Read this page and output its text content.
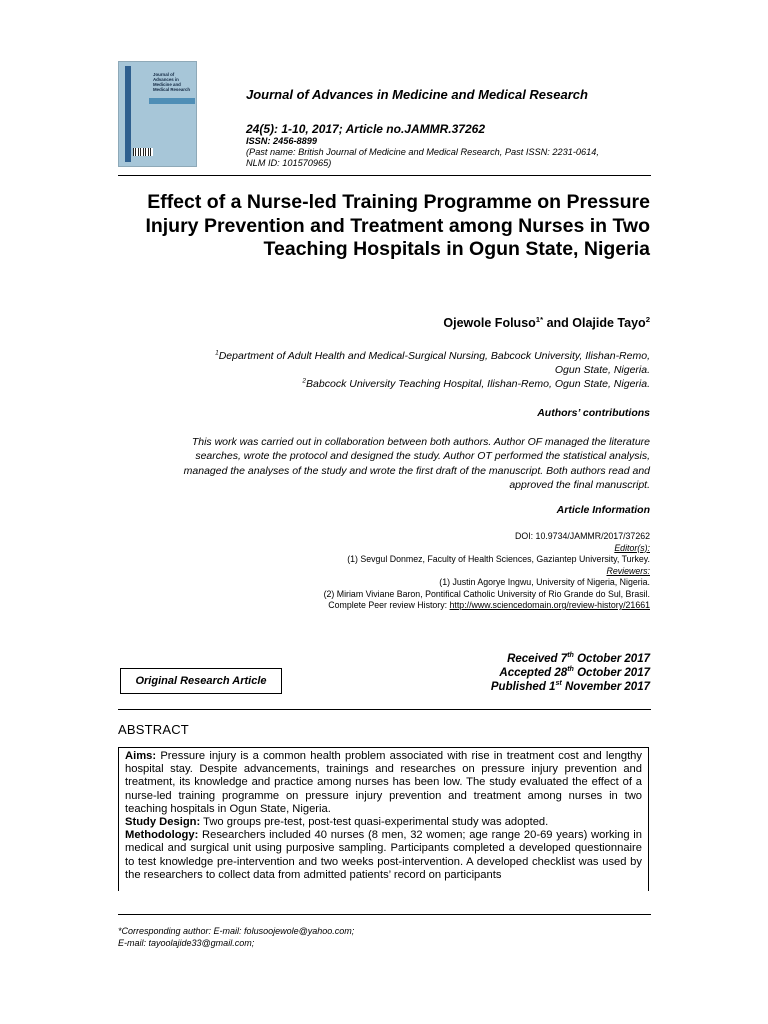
Journal of Advances in Medicine and Medical Research	Journal of Advances in Medicine and Medical Research
24(5): 1-10, 2017; Article no.JAMMR.37262
ISSN: 2456-8899
(Past name: British Journal of Medicine and Medical Research, Past ISSN: 2231-0614,
NLM ID: 101570965)
Effect of a Nurse-led Training Programme on Pressure Injury Prevention and Treatment among Nurses in Two Teaching Hospitals in Ogun State, Nigeria
Ojewole Foluso$^{1*}$ and Olajide Tayo$^2$
$^1$Department of Adult Health and Medical-Surgical Nursing, Babcock University, Ilishan-Remo,
Ogun State, Nigeria.
$^2$Babcock University Teaching Hospital, Ilishan-Remo, Ogun State, Nigeria.
Authors’ contributions
This work was carried out in collaboration between both authors. Author OF managed the literature
searches, wrote the protocol and designed the study. Author OT performed the statistical analysis,
managed the analyses of the study and wrote the first draft of the manuscript. Both authors read and
approved the final manuscript.
Article Information
DOI: 10.9734/JAMMR/2017/37262
Editor(s):
(1) Sevgul Donmez, Faculty of Health Sciences, Gaziantep University, Turkey.
Reviewers:
(1) Justin Agorye Ingwu, University of Nigeria, Nigeria.
(2) Miriam Viviane Baron, Pontifical Catholic University of Rio Grande do Sul, Brasil.
Complete Peer review History: http://www.sciencedomain.org/review-history/21661
Original Research Article
Received 7th October 2017
Accepted 28th October 2017
Published 1st November 2017
ABSTRACT

Aims: Pressure injury is a common health problem associated with rise in treatment cost and lengthy hospital stay. Despite advancements, trainings and researches on pressure injury prevention and treatment, its knowledge and practice among nurses has been low. The study evaluated the effect of a nurse-led training programme on pressure injury prevention and treatment among nurses in two teaching hospitals in Ogun State, Nigeria.

Study Design: Two groups pre-test, post-test quasi-experimental study was adopted.

Methodology: Researchers included 40 nurses (8 men, 32 women; age range 20-69 years) working in medical and surgical unit using purposive sampling. Participants completed a developed questionnaire to test knowledge pre-intervention and two weeks post-intervention. A developed checklist was used by the researchers to collect data from admitted patients’ record on participants

*Corresponding author: E-mail: folusoojewole@yahoo.com;
E-mail: tayoolajide33@gmail.com;
